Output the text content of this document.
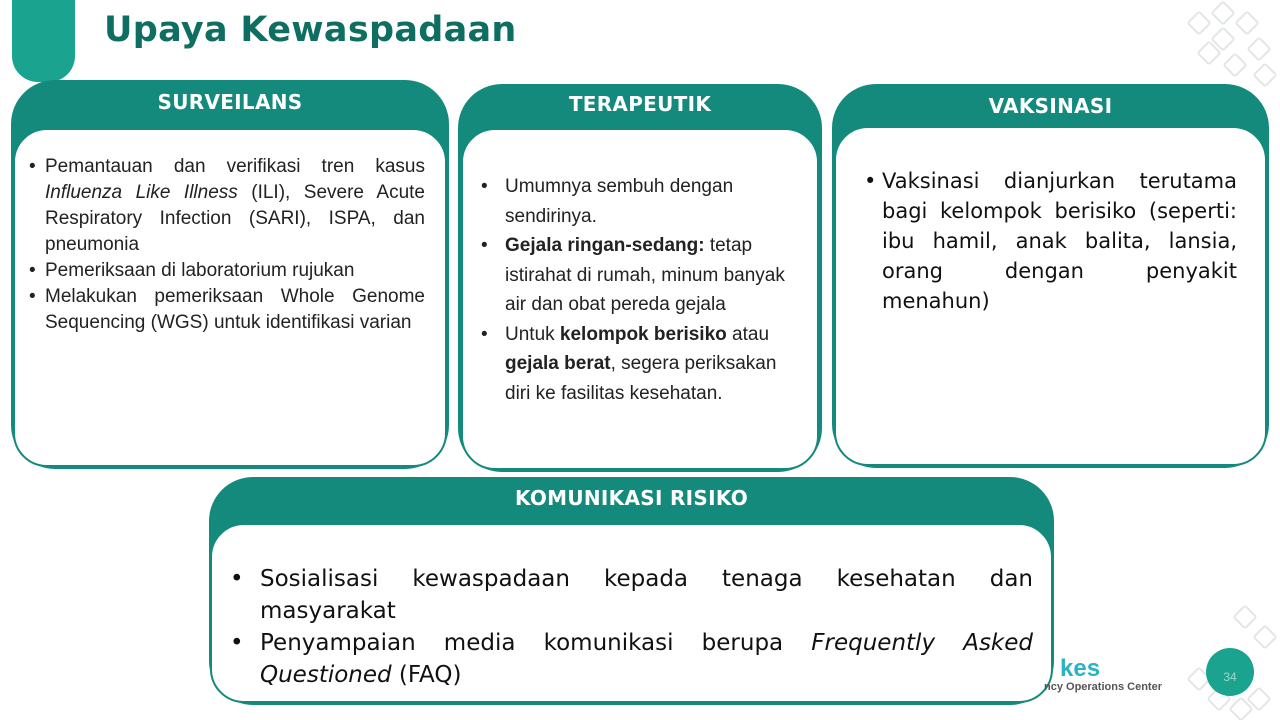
Upaya Kewaspadaan
SURVEILANS
• Pemantauan dan verifikasi tren kasus Influenza Like Illness (ILI), Severe Acute Respiratory Infection (SARI), ISPA, dan pneumonia
• Pemeriksaan di laboratorium rujukan
• Melakukan pemeriksaan Whole Genome Sequencing (WGS) untuk identifikasi varian
TERAPEUTIK
• Umumnya sembuh dengan sendirinya.
• Gejala ringan-sedang: tetap istirahat di rumah, minum banyak air dan obat pereda gejala
• Untuk kelompok berisiko atau gejala berat, segera periksakan diri ke fasilitas kesehatan.
VAKSINASI
• Vaksinasi dianjurkan terutama bagi kelompok berisiko (seperti: ibu hamil, anak balita, lansia, orang dengan penyakit menahun)
KOMUNIKASI RISIKO
• Sosialisasi kewaspadaan kepada tenaga kesehatan dan masyarakat
• Penyampaian media komunikasi berupa Frequently Asked Questioned (FAQ)	kes
ncy Operations Center
34
